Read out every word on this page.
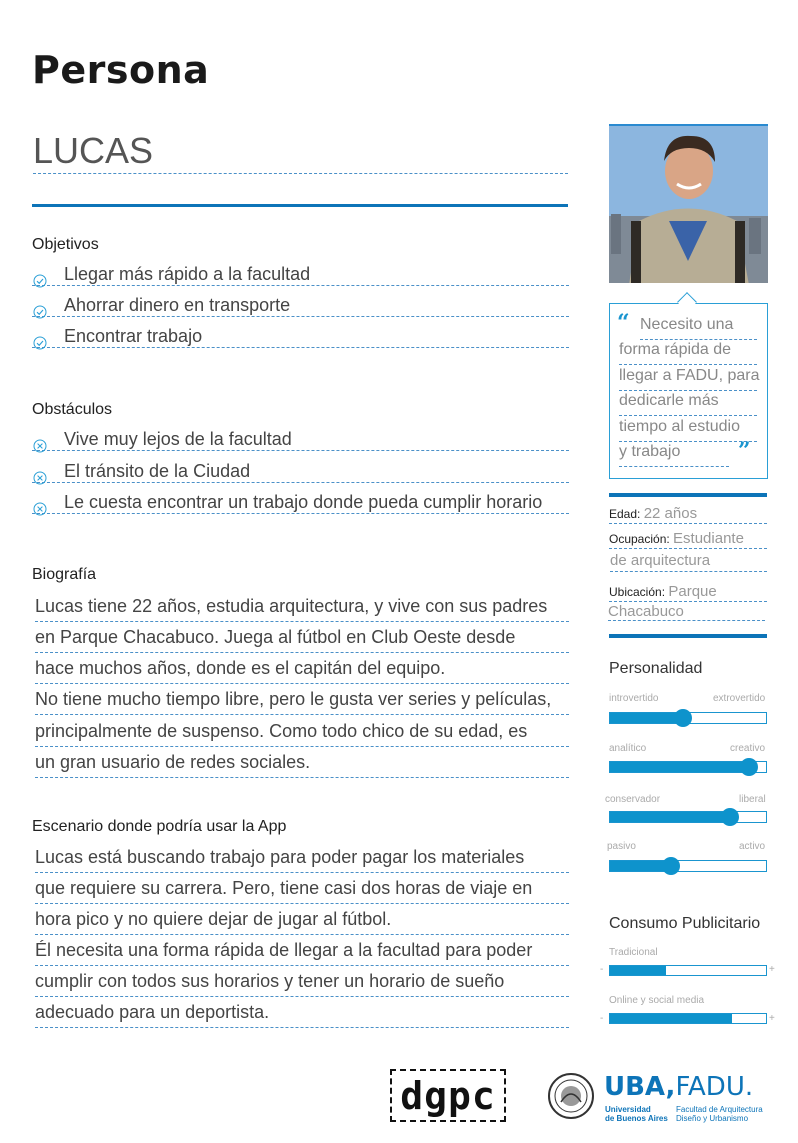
Persona
LUCAS
Objetivos
Llegar más rápido a la facultad
Ahorrar dinero en transporte
Encontrar trabajo
Obstáculos
Vive muy lejos de la facultad
El tránsito de la Ciudad
Le cuesta encontrar un trabajo donde pueda cumplir horario
Biografía
Lucas tiene 22 años, estudia arquitectura, y vive con sus padres
en Parque Chacabuco. Juega al fútbol en Club Oeste desde
hace muchos años, donde es el capitán del equipo.
No tiene mucho tiempo libre, pero le gusta ver series y películas,
principalmente de suspenso. Como todo chico de su edad, es
un gran usuario de redes sociales.
Escenario donde podría usar la App
Lucas está buscando trabajo para poder pagar los materiales
que requiere su carrera. Pero, tiene casi dos horas de viaje en
hora pico y no quiere dejar de jugar al fútbol.
Él necesita una forma rápida de llegar a la facultad para poder
cumplir con todos sus horarios y tener un horario de sueño
adecuado para un deportista.
“ Necesito una
forma rápida de
llegar a FADU, para
dedicarle más
tiempo al estudio
y trabajo	”
Edad: 22 años
Ocupación: Estudiante
de arquitectura
Ubicación: Parque
Chacabuco
Personalidad
introvertido	extrovertido
analítico	creativo
conservador	liberal
pasivo	activo
Consumo Publicitario
Tradicional
-	+
Online y social media
-	+
dgpc	UBA,FADU.
Universidad
de Buenos Aires
Facultad de Arquitectura
Diseño y Urbanismo
